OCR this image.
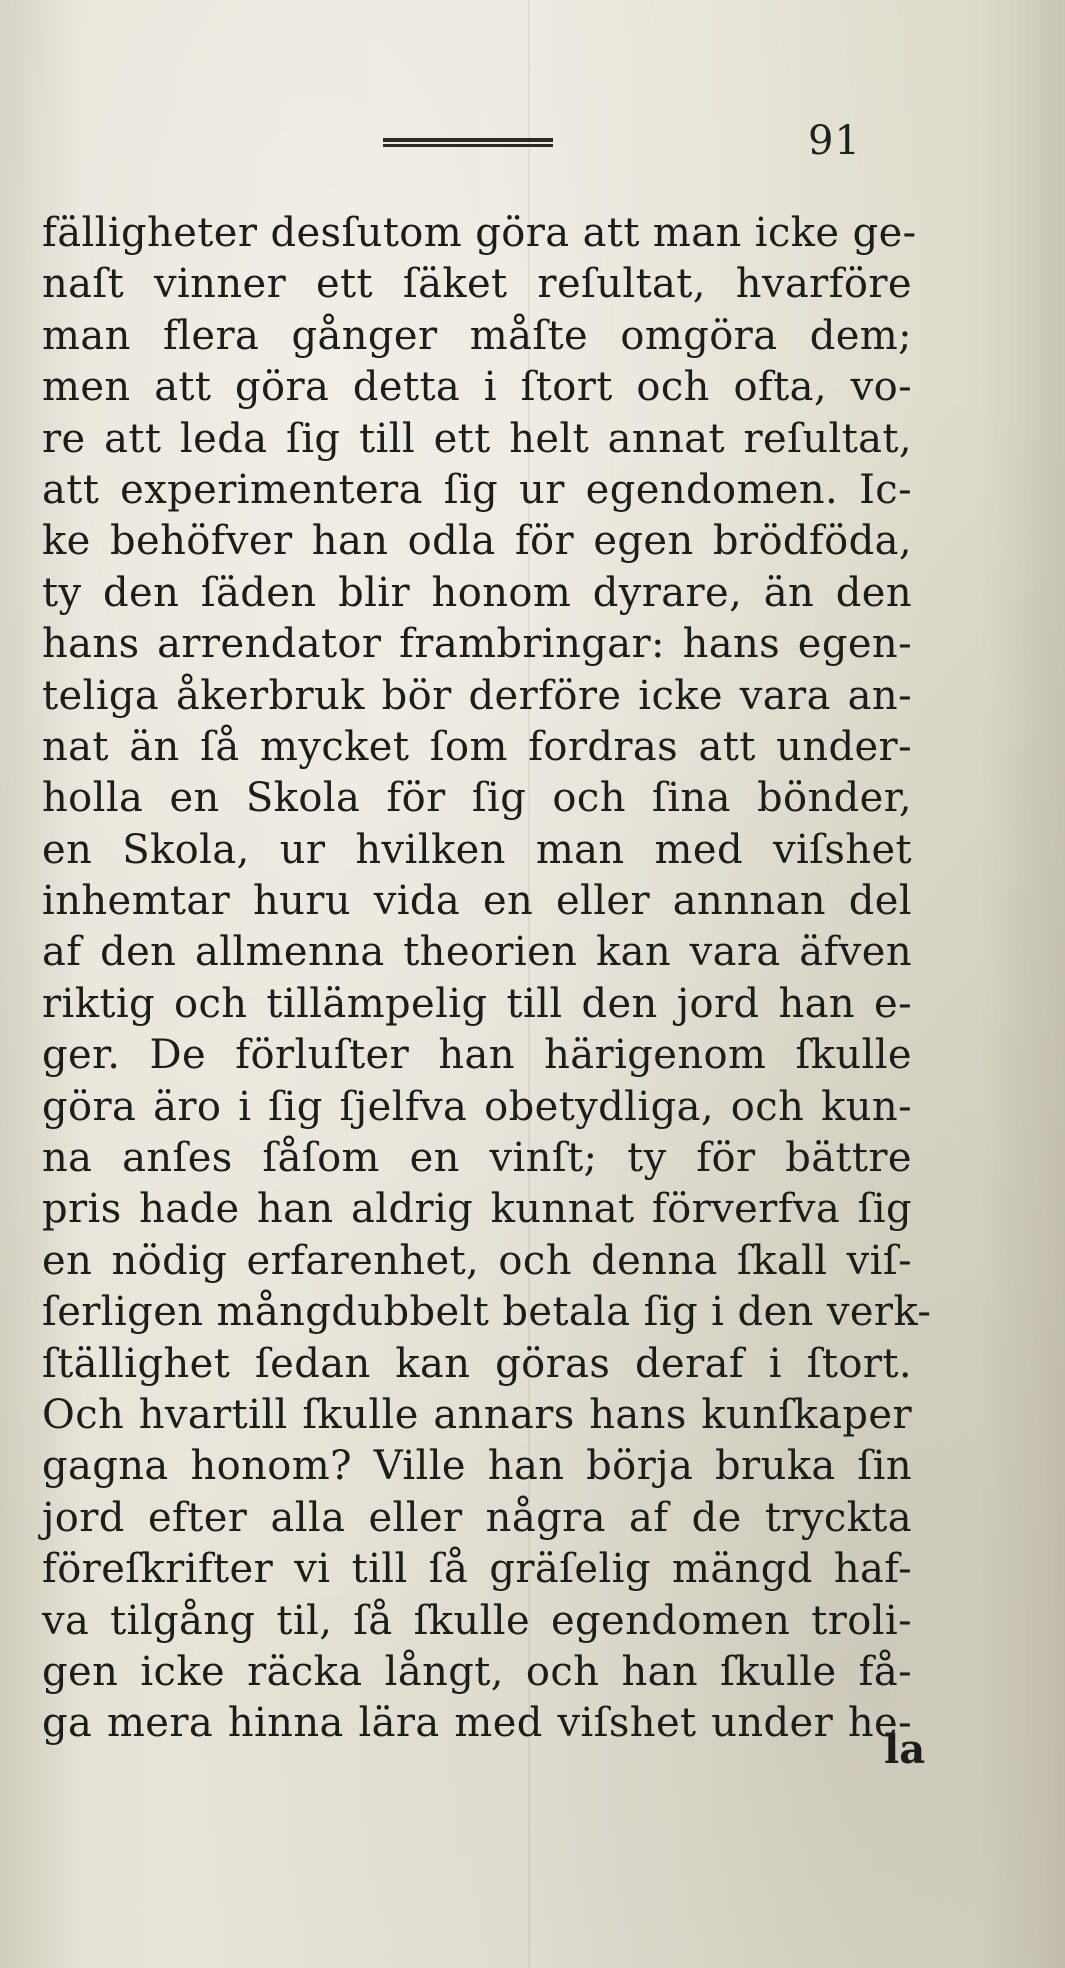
91
fälligheter desſutom göra att man icke ge-
naſt vinner ett ſäket reſultat, hvarföre
man flera gånger måſte omgöra dem;
men att göra detta i ſtort och ofta, vo-
re att leda ſig till ett helt annat reſultat,
att experimentera ſig ur egendomen. Ic-
ke behöfver han odla för egen brödföda,
ty den ſäden blir honom dyrare, än den
hans arrendator frambringar: hans egen-
teliga åkerbruk bör derföre icke vara an-
nat än ſå mycket ſom fordras att under-
holla en Skola för ſig och ſina bönder,
en Skola, ur hvilken man med viſshet
inhemtar huru vida en eller annnan del
af den allmenna theorien kan vara äfven
riktig och tillämpelig till den jord han e-
ger. De förluſter han härigenom ſkulle
göra äro i ſig ſjelfva obetydliga, och kun-
na anſes ſåſom en vinſt; ty för bättre
pris hade han aldrig kunnat förverfva ſig
en nödig erfarenhet, och denna ſkall viſ-
ſerligen mångdubbelt betala ſig i den verk-
ſtällighet ſedan kan göras deraf i ſtort.
Och hvartill ſkulle annars hans kunſkaper
gagna honom? Ville han börja bruka ſin
jord efter alla eller några af de tryckta
föreſkrifter vi till ſå gräſelig mängd haf-
va tilgång til, ſå ſkulle egendomen troli-
gen icke räcka långt, och han ſkulle få-
ga mera hinna lära med viſshet under he-
la
